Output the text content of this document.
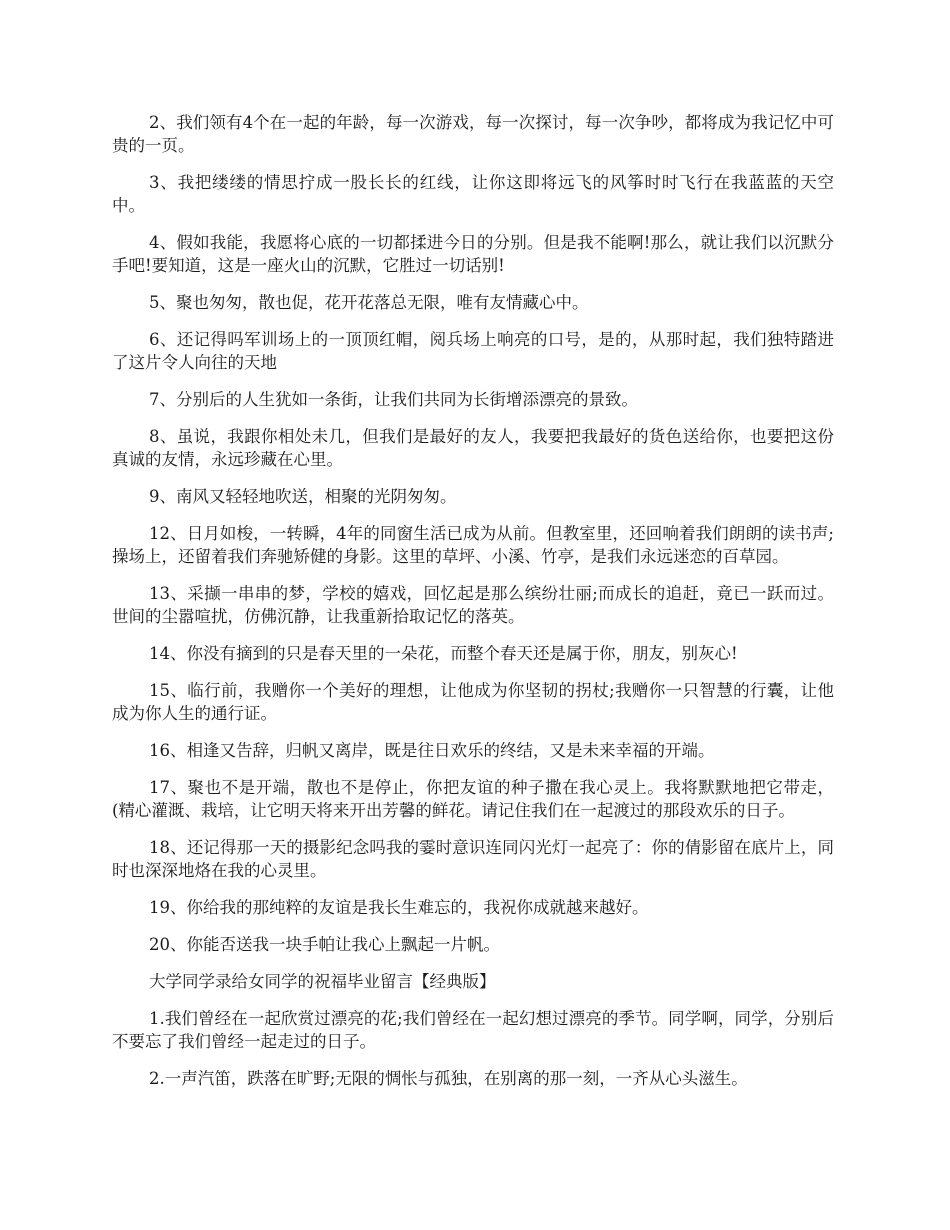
2、我们领有4个在一起的年龄，每一次游戏，每一次探讨，每一次争吵，都将成为我记忆中可贵的一页。

3、我把缕缕的情思拧成一股长长的红线，让你这即将远飞的风筝时时飞行在我蓝蓝的天空中。

4、假如我能，我愿将心底的一切都揉进今日的分别。但是我不能啊!那么，就让我们以沉默分手吧!要知道，这是一座火山的沉默，它胜过一切话别!

5、聚也匆匆，散也促，花开花落总无限，唯有友情藏心中。

6、还记得吗军训场上的一顶顶红帽，阅兵场上响亮的口号，是的，从那时起，我们独特踏进了这片令人向往的天地

7、分别后的人生犹如一条街，让我们共同为长街增添漂亮的景致。

8、虽说，我跟你相处未几，但我们是最好的友人，我要把我最好的货色送给你，也要把这份真诚的友情，永远珍藏在心里。

9、南风又轻轻地吹送，相聚的光阴匆匆。

12、日月如梭，一转瞬，4年的同窗生活已成为从前。但教室里，还回响着我们朗朗的读书声;操场上，还留着我们奔驰矫健的身影。这里的草坪、小溪、竹亭，是我们永远迷恋的百草园。

13、采撷一串串的梦，学校的嬉戏，回忆起是那么缤纷壮丽;而成长的追赶，竟已一跃而过。世间的尘嚣喧扰，仿佛沉静，让我重新拾取记忆的落英。

14、你没有摘到的只是春天里的一朵花，而整个春天还是属于你，朋友，别灰心!

15、临行前，我赠你一个美好的理想，让他成为你坚韧的拐杖;我赠你一只智慧的行囊，让他成为你人生的通行证。

16、相逢又告辞，归帆又离岸，既是往日欢乐的终结，又是未来幸福的开端。

17、聚也不是开端，散也不是停止，你把友谊的种子撒在我心灵上。我将默默地把它带走，(精心灌溉、栽培，让它明天将来开出芳馨的鲜花。请记住我们在一起渡过的那段欢乐的日子。

18、还记得那一天的摄影纪念吗我的霎时意识连同闪光灯一起亮了：你的倩影留在底片上，同时也深深地烙在我的心灵里。

19、你给我的那纯粹的友谊是我长生难忘的，我祝你成就越来越好。

20、你能否送我一块手帕让我心上飘起一片帆。

大学同学录给女同学的祝福毕业留言【经典版】

1.我们曾经在一起欣赏过漂亮的花;我们曾经在一起幻想过漂亮的季节。同学啊，同学，分别后不要忘了我们曾经一起走过的日子。

2.一声汽笛，跌落在旷野;无限的惆怅与孤独，在别离的那一刻，一齐从心头滋生。
